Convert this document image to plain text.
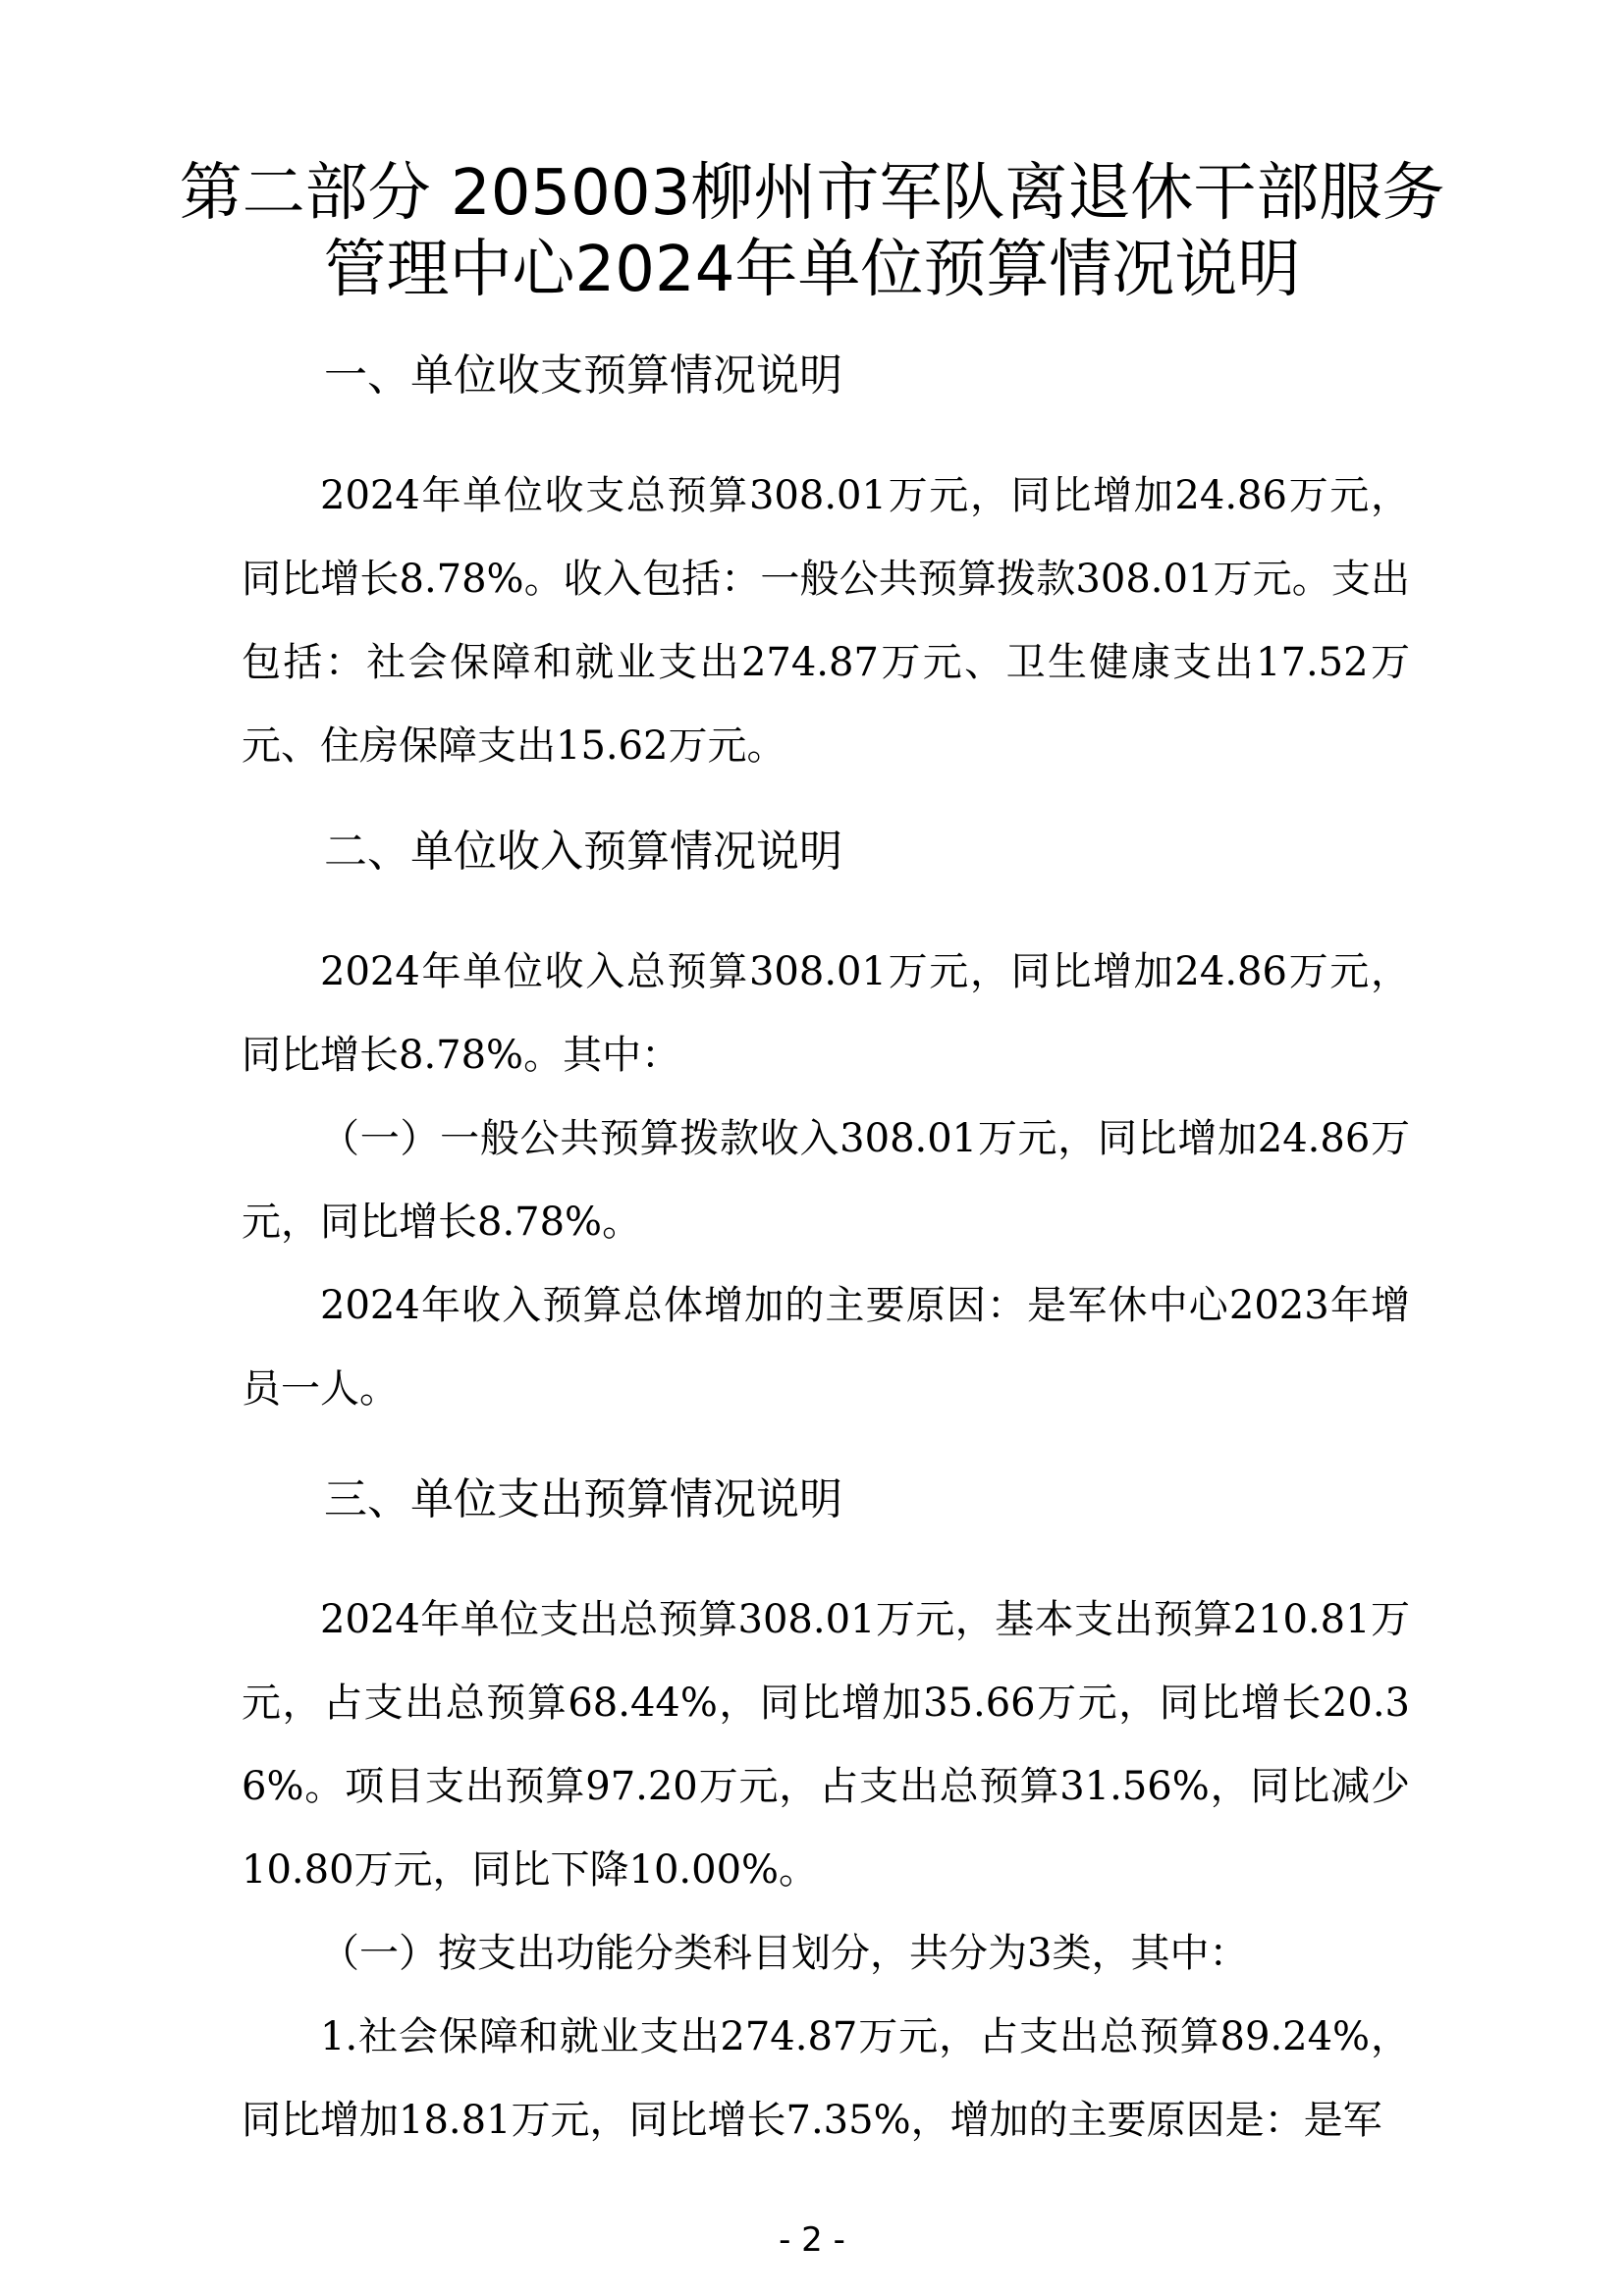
第二部分 205003柳州市军队离退休干部服务管理中心2024年单位预算情况说明
一、单位收支预算情况说明

2024年单位收支总预算308.01万元，同比增加24.86万元，同比增长8.78%。收入包括：一般公共预算拨款308.01万元。支出包括：社会保障和就业支出274.87万元、卫生健康支出17.52万元、住房保障支出15.62万元。

二、单位收入预算情况说明

2024年单位收入总预算308.01万元，同比增加24.86万元，同比增长8.78%。其中：

（一）一般公共预算拨款收入308.01万元，同比增加24.86万元，同比增长8.78%。

2024年收入预算总体增加的主要原因：是军休中心2023年增员一人。

三、单位支出预算情况说明

2024年单位支出总预算308.01万元，基本支出预算210.81万元，占支出总预算68.44%，同比增加35.66万元，同比增长20.36%。项目支出预算97.20万元，占支出总预算31.56%，同比减少10.80万元，同比下降10.00%。

（一）按支出功能分类科目划分，共分为3类，其中：

1.社会保障和就业支出274.87万元，占支出总预算89.24%，同比增加18.81万元，同比增长7.35%，增加的主要原因是：是军

- 2 -
